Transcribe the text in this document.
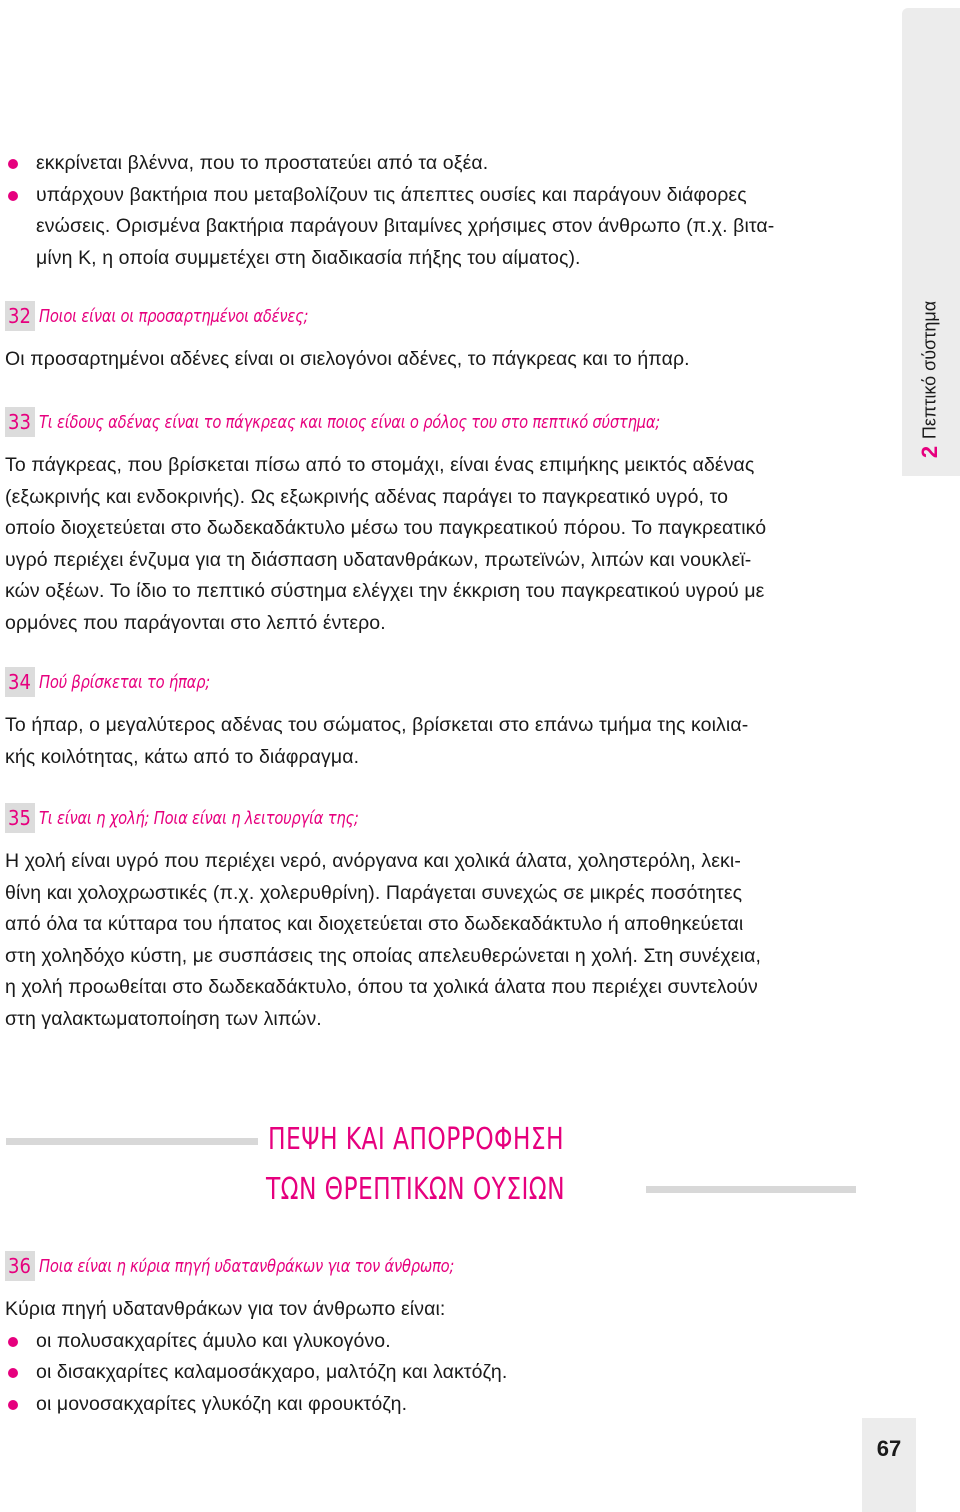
Πεπτικό σύστημα
2

εκκρίνεται βλέννα, που το προστατεύει από τα οξέα.

υπάρχουν βακτήρια που μεταβολίζουν τις άπεπτες ουσίες και παράγουν διάφορες

ενώσεις. Ορισμένα βακτήρια παράγουν βιταμίνες χρήσιμες στον άνθρωπο (π.χ. βιτα-

μίνη Κ, η οποία συμμετέχει στη διαδικασία πήξης του αίματος).

32 Ποιοι είναι οι προσαρτημένοι αδένες;

Οι προσαρτημένοι αδένες είναι οι σιελογόνοι αδένες, το πάγκρεας και το ήπαρ.

33 Τι είδους αδένας είναι το πάγκρεας και ποιος είναι ο ρόλος του στο πεπτικό σύστημα;

Το πάγκρεας, που βρίσκεται πίσω από το στομάχι, είναι ένας επιμήκης μεικτός αδένας

(εξωκρινής και ενδοκρινής). Ως εξωκρινής αδένας παράγει το παγκρεατικό υγρό, το

οποίο διοχετεύεται στο δωδεκαδάκτυλο μέσω του παγκρεατικού πόρου. Το παγκρεατικό

υγρό περιέχει ένζυμα για τη διάσπαση υδατανθράκων, πρωτεϊνών, λιπών και νουκλεϊ-

κών οξέων. Το ίδιο το πεπτικό σύστημα ελέγχει την έκκριση του παγκρεατικού υγρού με

ορμόνες που παράγονται στο λεπτό έντερο.

34 Πού βρίσκεται το ήπαρ;

Το ήπαρ, ο μεγαλύτερος αδένας του σώματος, βρίσκεται στο επάνω τμήμα της κοιλια-

κής κοιλότητας, κάτω από το διάφραγμα.

35 Τι είναι η χολή; Ποια είναι η λειτουργία της;

Η χολή είναι υγρό που περιέχει νερό, ανόργανα και χολικά άλατα, χοληστερόλη, λεκι-

θίνη και χολοχρωστικές (π.χ. χολερυθρίνη). Παράγεται συνεχώς σε μικρές ποσότητες

από όλα τα κύτταρα του ήπατος και διοχετεύεται στο δωδεκαδάκτυλο ή αποθηκεύεται

στη χοληδόχο κύστη, με συσπάσεις της οποίας απελευθερώνεται η χολή. Στη συνέχεια,

η χολή προωθείται στο δωδεκαδάκτυλο, όπου τα χολικά άλατα που περιέχει συντελούν

στη γαλακτωματοποίηση των λιπών.

ΠΕΨΗ ΚΑΙ ΑΠΟΡΡΟΦΗΣΗ
ΤΩΝ ΘΡΕΠΤΙΚΩΝ ΟΥΣΙΩΝ
36 Ποια είναι η κύρια πηγή υδατανθράκων για τον άνθρωπο;

Κύρια πηγή υδατανθράκων για τον άνθρωπο είναι:

οι πολυσακχαρίτες άμυλο και γλυκογόνο.

οι δισακχαρίτες καλαμοσάκχαρο, μαλτόζη και λακτόζη.

οι μονοσακχαρίτες γλυκόζη και φρουκτόζη.

67
